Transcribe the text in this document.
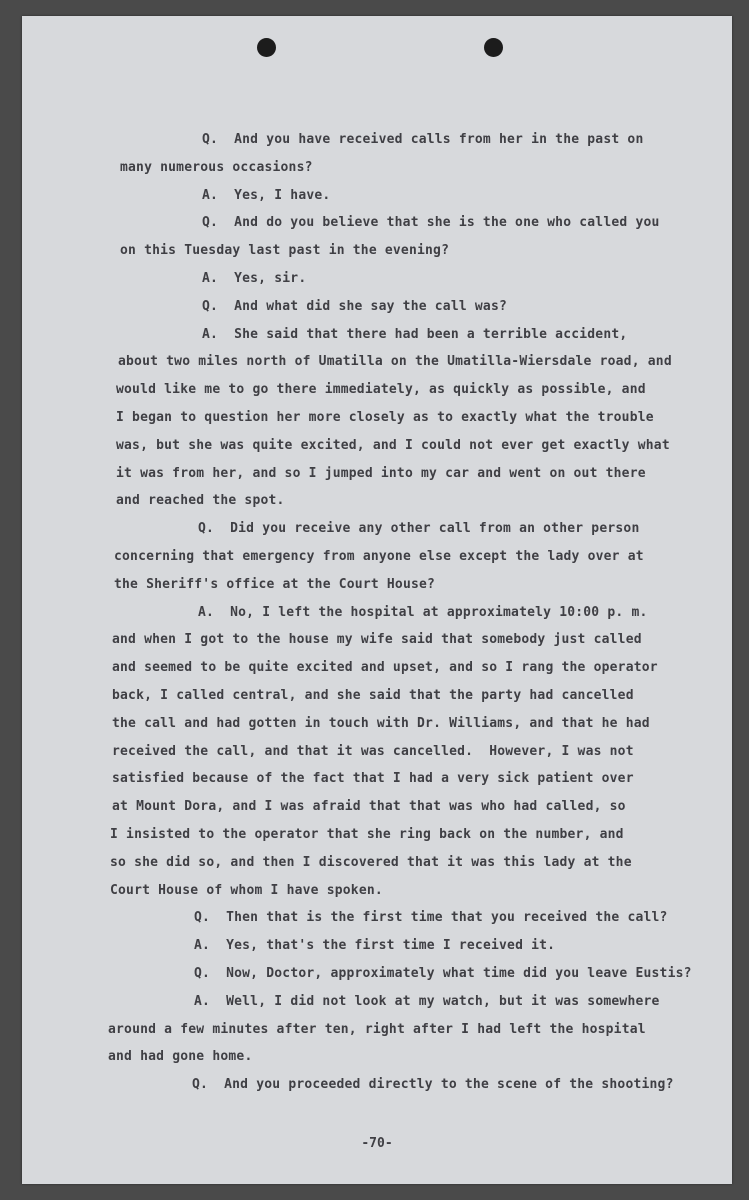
Q.  And you have received calls from her in the past on
many numerous occasions?
A.  Yes, I have.
Q.  And do you believe that she is the one who called you
on this Tuesday last past in the evening?
A.  Yes, sir.
Q.  And what did she say the call was?
A.  She said that there had been a terrible accident,
about two miles north of Umatilla on the Umatilla-Wiersdale road, and
would like me to go there immediately, as quickly as possible, and
I began to question her more closely as to exactly what the trouble
was, but she was quite excited, and I could not ever get exactly what
it was from her, and so I jumped into my car and went on out there
and reached the spot.
Q.  Did you receive any other call from an other person
concerning that emergency from anyone else except the lady over at
the Sheriff's office at the Court House?
A.  No, I left the hospital at approximately 10:00 p. m.
and when I got to the house my wife said that somebody just called
and seemed to be quite excited and upset, and so I rang the operator
back, I called central, and she said that the party had cancelled
the call and had gotten in touch with Dr. Williams, and that he had
received the call, and that it was cancelled.  However, I was not
satisfied because of the fact that I had a very sick patient over
at Mount Dora, and I was afraid that that was who had called, so
I insisted to the operator that she ring back on the number, and
so she did so, and then I discovered that it was this lady at the
Court House of whom I have spoken.
Q.  Then that is the first time that you received the call?
A.  Yes, that's the first time I received it.
Q.  Now, Doctor, approximately what time did you leave Eustis?
A.  Well, I did not look at my watch, but it was somewhere
around a few minutes after ten, right after I had left the hospital
and had gone home.
Q.  And you proceeded directly to the scene of the shooting?
-70-
